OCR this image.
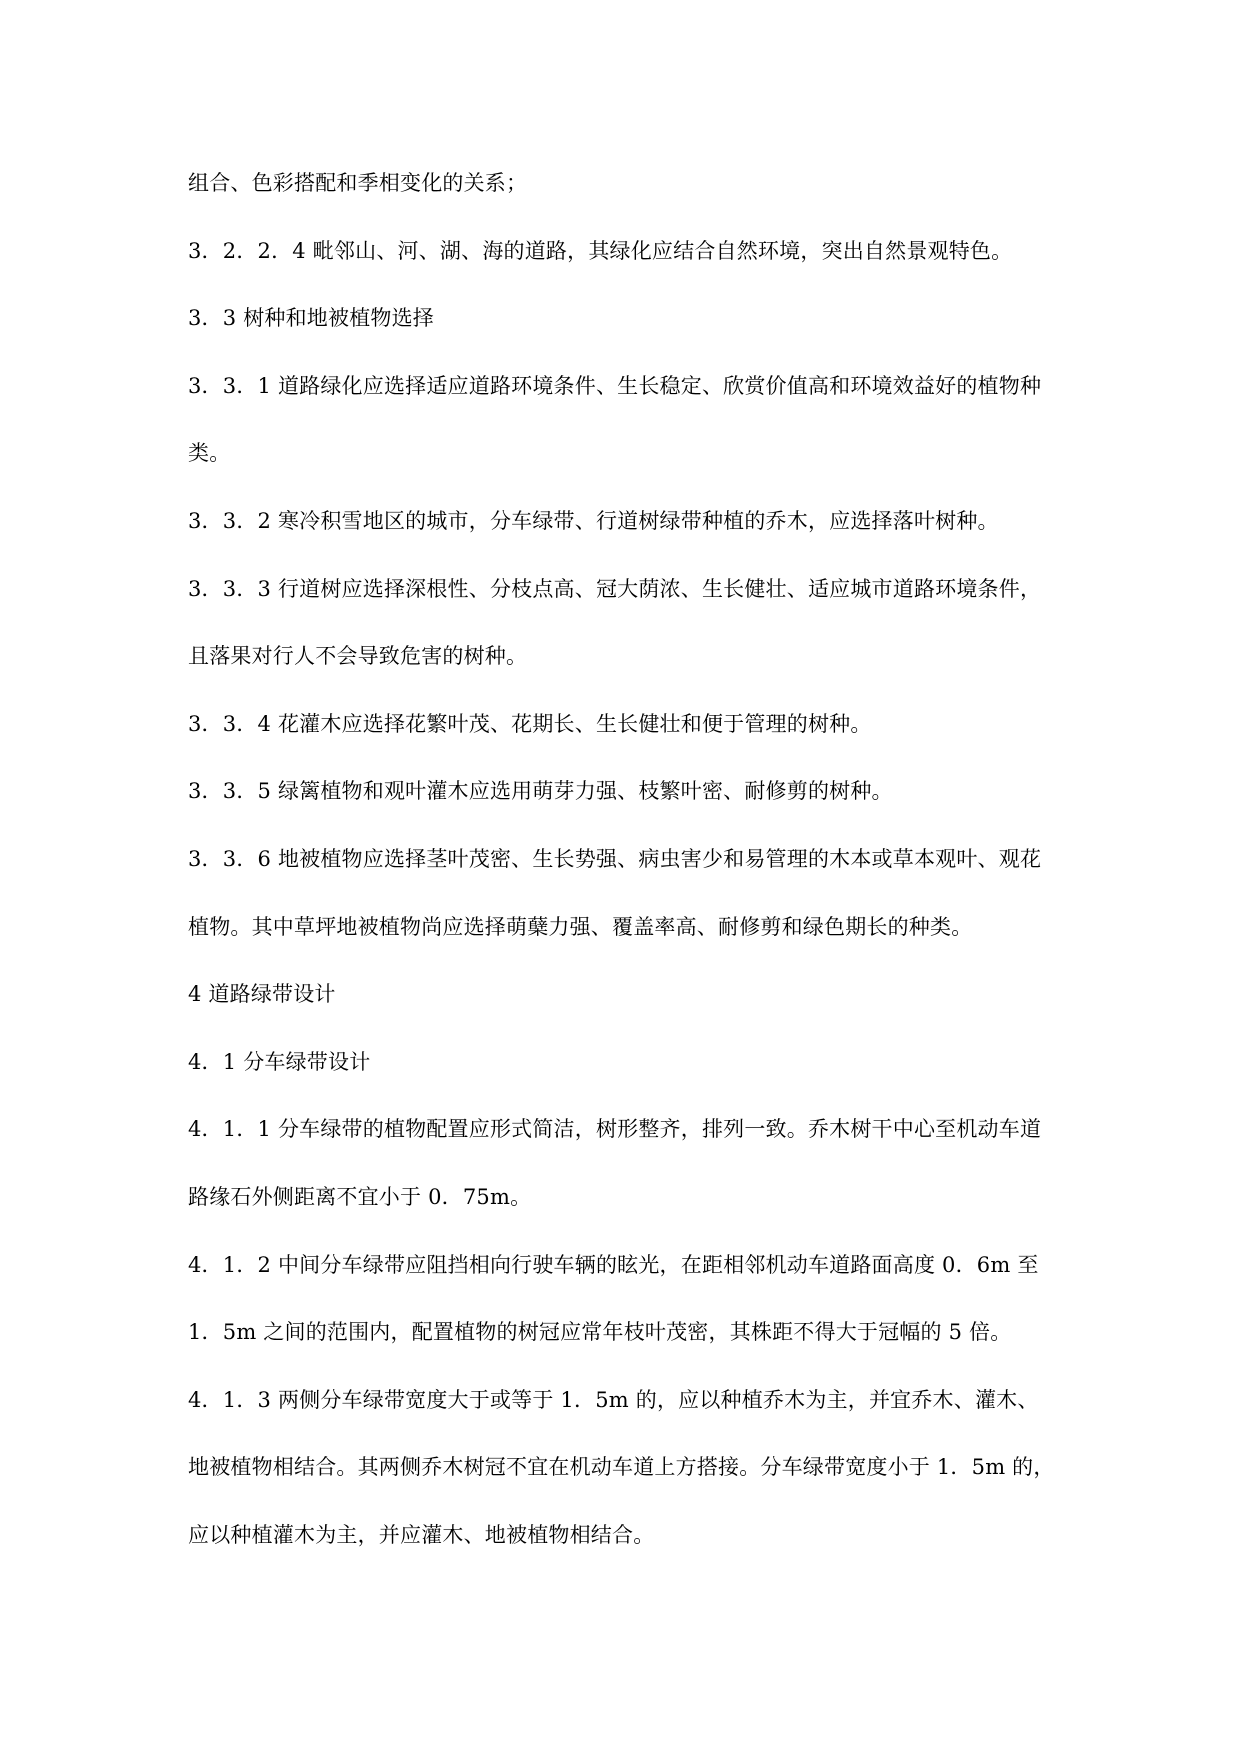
组合、色彩搭配和季相变化的关系；
3．2．2．4 毗邻山、河、湖、海的道路，其绿化应结合自然环境，突出自然景观特色。
3．3 树种和地被植物选择
3．3．1 道路绿化应选择适应道路环境条件、生长稳定、欣赏价值高和环境效益好的植物种
类。
3．3．2 寒冷积雪地区的城市，分车绿带、行道树绿带种植的乔木，应选择落叶树种。
3．3．3 行道树应选择深根性、分枝点高、冠大荫浓、生长健壮、适应城市道路环境条件，
且落果对行人不会导致危害的树种。
3．3．4 花灌木应选择花繁叶茂、花期长、生长健壮和便于管理的树种。
3．3．5 绿篱植物和观叶灌木应选用萌芽力强、枝繁叶密、耐修剪的树种。
3．3．6 地被植物应选择茎叶茂密、生长势强、病虫害少和易管理的木本或草本观叶、观花
植物。其中草坪地被植物尚应选择萌蘖力强、覆盖率高、耐修剪和绿色期长的种类。
4 道路绿带设计
4．1 分车绿带设计
4．1．1 分车绿带的植物配置应形式简洁，树形整齐，排列一致。乔木树干中心至机动车道
路缘石外侧距离不宜小于 0．75m。
4．1．2 中间分车绿带应阻挡相向行驶车辆的眩光，在距相邻机动车道路面高度 0．6m 至
1．5m 之间的范围内，配置植物的树冠应常年枝叶茂密，其株距不得大于冠幅的 5 倍。
4．1．3 两侧分车绿带宽度大于或等于 1．5m 的，应以种植乔木为主，并宜乔木、灌木、
地被植物相结合。其两侧乔木树冠不宜在机动车道上方搭接。分车绿带宽度小于 1．5m 的，
应以种植灌木为主，并应灌木、地被植物相结合。
